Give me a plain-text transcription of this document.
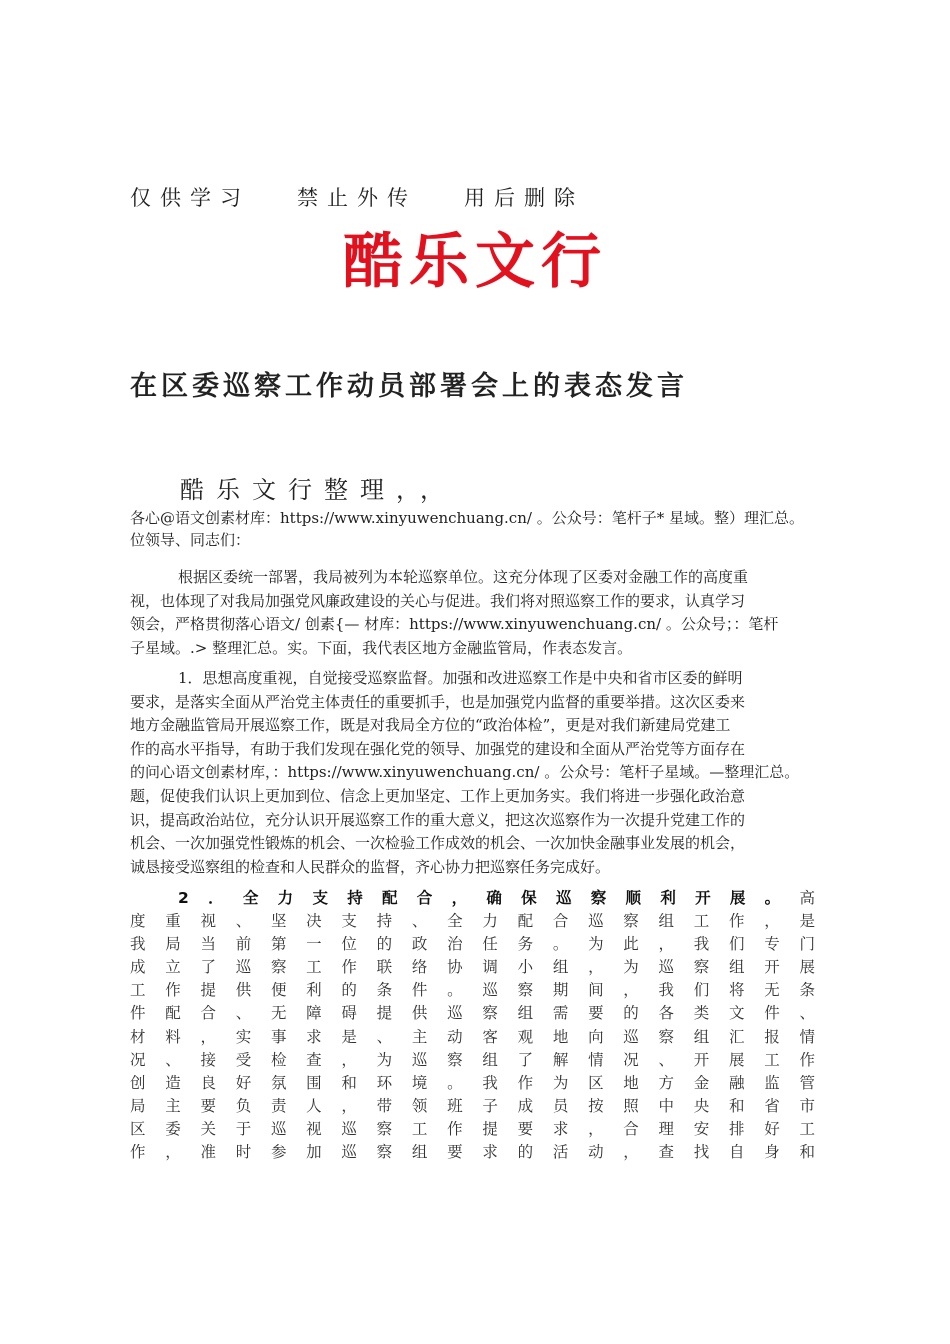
仅供学习   禁止外传   用后删除
酷乐文行
在区委巡察工作动员部署会上的表态发言
酷乐文行整理，，
各心@语文创素材库：https://www.xinyuwenchuang.cn/ 。公众号：笔杆子* 星域。整）理汇总。
位领导、同志们：

根据区委统一部署，我局被列为本轮巡察单位。这充分体现了区委对金融工作的高度重

视，也体现了对我局加强党风廉政建设的关心与促进。我们将对照巡察工作的要求，认真学习

领会，严格贯彻落心语文/ 创素{— 材库：https://www.xinyuwenchuang.cn/ 。公众号；：笔杆

子星域。.> 整理汇总。实。下面，我代表区地方金融监管局，作表态发言。

1．思想高度重视，自觉接受巡察监督。加强和改进巡察工作是中央和省市区委的鲜明

要求，是落实全面从严治党主体责任的重要抓手，也是加强党内监督的重要举措。这次区委来

地方金融监管局开展巡察工作，既是对我局全方位的“政治体检”，更是对我们新建局党建工

作的高水平指导，有助于我们发现在强化党的领导、加强党的建设和全面从严治党等方面存在

的问心语文创素材库，：https://www.xinyuwenchuang.cn/ 。公众号：笔杆子星域。—整理汇总。

题，促使我们认识上更加到位、信念上更加坚定、工作上更加务实。我们将进一步强化政治意

识，提高政治站位，充分认识开展巡察工作的重大意义，把这次巡察作为一次提升党建工作的

机会、一次加强党性锻炼的机会、一次检验工作成效的机会、一次加快金融事业发展的机会，

诚恳接受巡察组的检查和人民群众的监督，齐心协力把巡察任务完成好。

2．全力支持配合，确保巡察顺利开展。高

度重视、坚决支持、全力配合巡察组工作，是

我局当前第一位的政治任务。为此，我们专门

成立了巡察工作联络协调小组，为巡察组开展

工作提供便利的条件。巡察期间，我们将无条

件配合、无障碍提供巡察组需要的各类文件、

材料，实事求是、主动客观地向巡察组汇报情

况、接受检查，为巡察组了解情况、开展工作

创造良好氛围和环境。我作为区地方金融监管

局主要负责人，带领班子成员按照中央和省市

区委关于巡视巡察工作提要求，合理安排好工

作，准时参加巡察组要求的活动，查找自身和
